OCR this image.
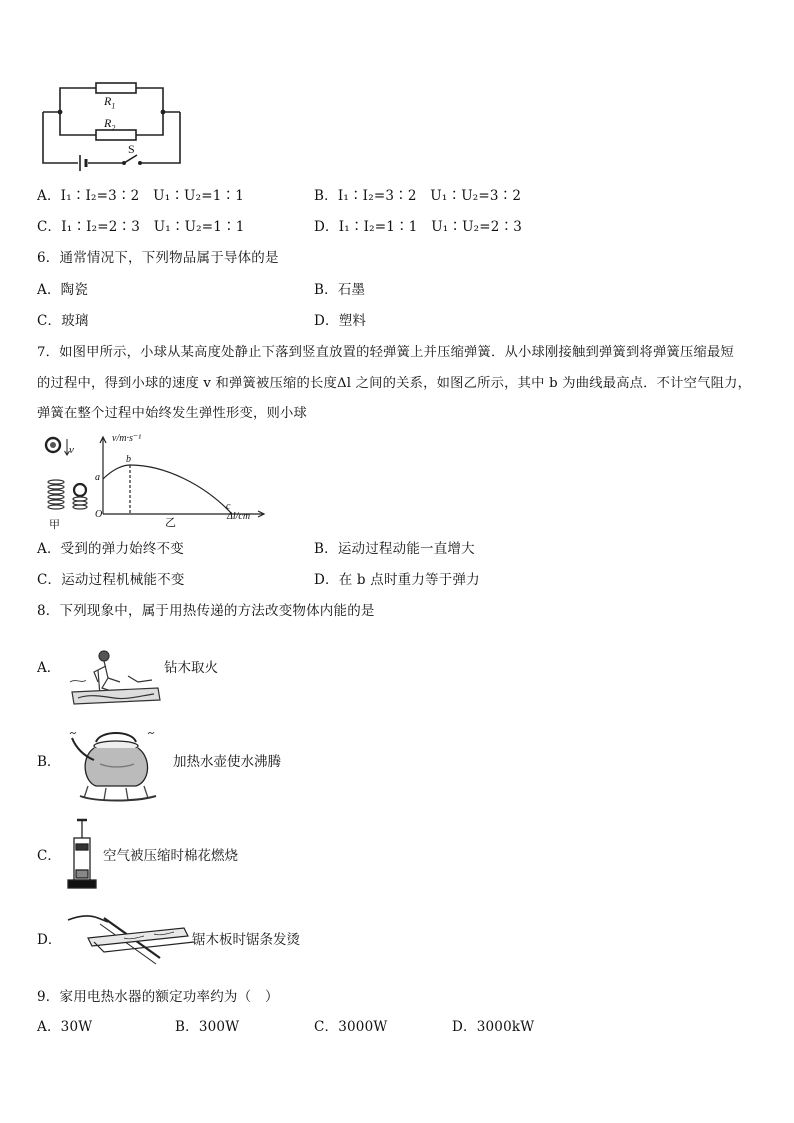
$R_1$
$R_2$
S
A．I₁∶I₂=3∶2　U₁∶U₂=1∶1	B．I₁∶I₂=3∶2　U₁∶U₂=3∶2
C．I₁∶I₂=2∶3　U₁∶U₂=1∶1	D．I₁∶I₂=1∶1　U₁∶U₂=2∶3
6．通常情况下，下列物品属于导体的是
A．陶瓷	B．石墨
C．玻璃	D．塑料
7．如图甲所示，小球从某高度处静止下落到竖直放置的轻弹簧上并压缩弹簧．从小球刚接触到弹簧到将弹簧压缩最短
的过程中，得到小球的速度 v 和弹簧被压缩的长度Δl 之间的关系，如图乙所示，其中 b 为曲线最高点．不计空气阻力，
弹簧在整个过程中始终发生弹性形变，则小球
v
v/m·s⁻¹
a
b
c
O	Δl/cm
甲	乙
A．受到的弹力始终不变	B．运动过程动能一直增大
C．运动过程机械能不变	D．在 b 点时重力等于弹力
8．下列现象中，属于用热传递的方法改变物体内能的是
A．	钻木取火
B．	加热水壶使水沸腾
C．	空气被压缩时棉花燃烧
D．	锯木板时锯条发烫
9．家用电热水器的额定功率约为（　）
A．30W	B．300W	C．3000W	D．3000kW
